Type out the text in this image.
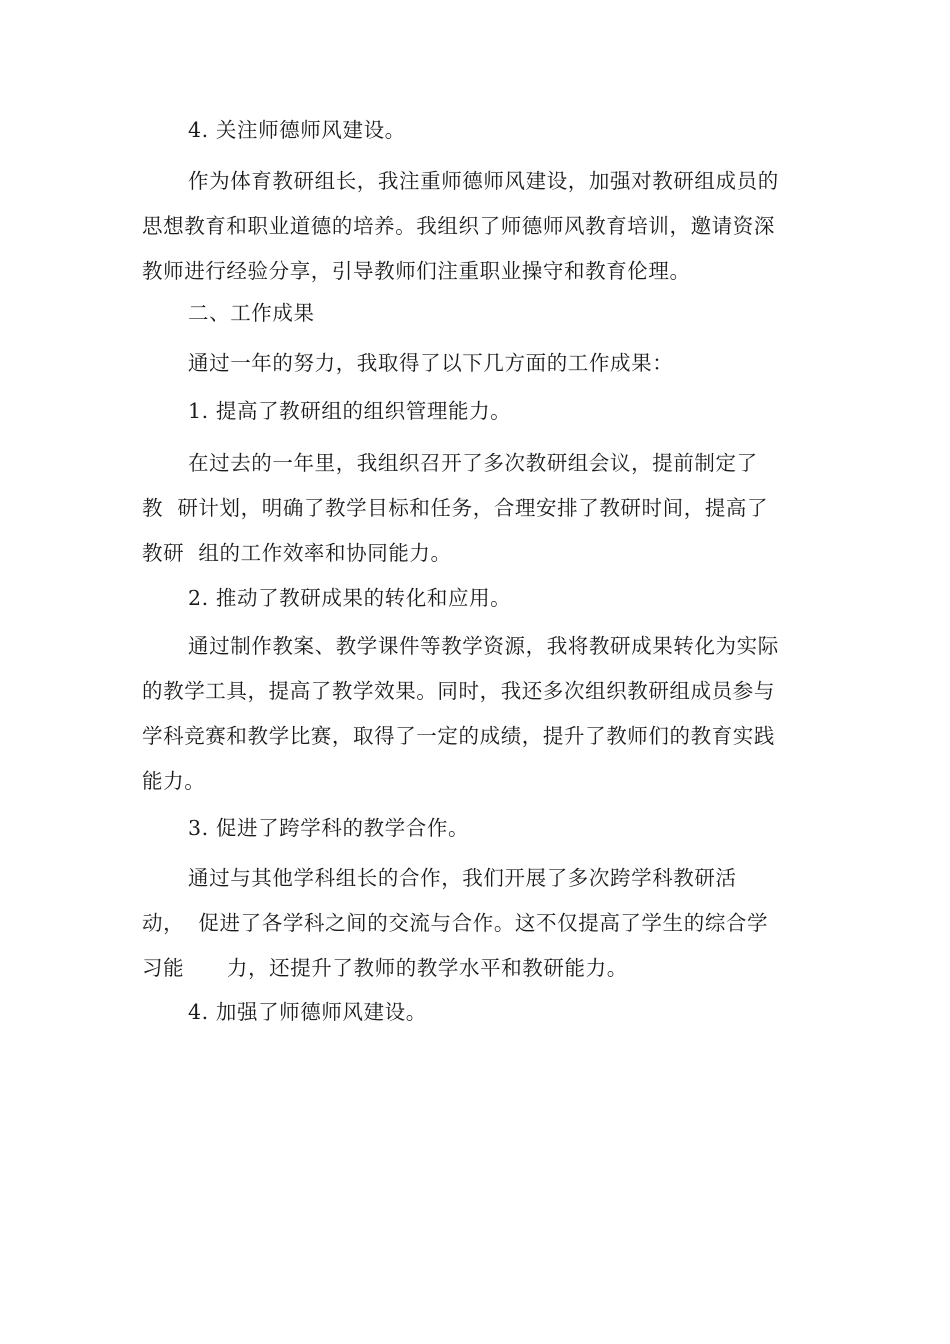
4. 关注师德师风建设。
作为体育教研组长，我注重师德师风建设，加强对教研组成员的
思想教育和职业道德的培养。我组织了师德师风教育培训，邀请资深
教师进行经验分享，引导教师们注重职业操守和教育伦理。
二、工作成果
通过一年的努力，我取得了以下几方面的工作成果：
1. 提高了教研组的组织管理能力。
在过去的一年里，我组织召开了多次教研组会议，提前制定了
教  研计划，明确了教学目标和任务，合理安排了教研时间，提高了
教研  组的工作效率和协同能力。
2. 推动了教研成果的转化和应用。
通过制作教案、教学课件等教学资源，我将教研成果转化为实际
的教学工具，提高了教学效果。同时，我还多次组织教研组成员参与
学科竞赛和教学比赛，取得了一定的成绩，提升了教师们的教育实践
能力。
3. 促进了跨学科的教学合作。
通过与其他学科组长的合作，我们开展了多次跨学科教研活
动，  促进了各学科之间的交流与合作。这不仅提高了学生的综合学
习能      力，还提升了教师的教学水平和教研能力。
4. 加强了师德师风建设。
